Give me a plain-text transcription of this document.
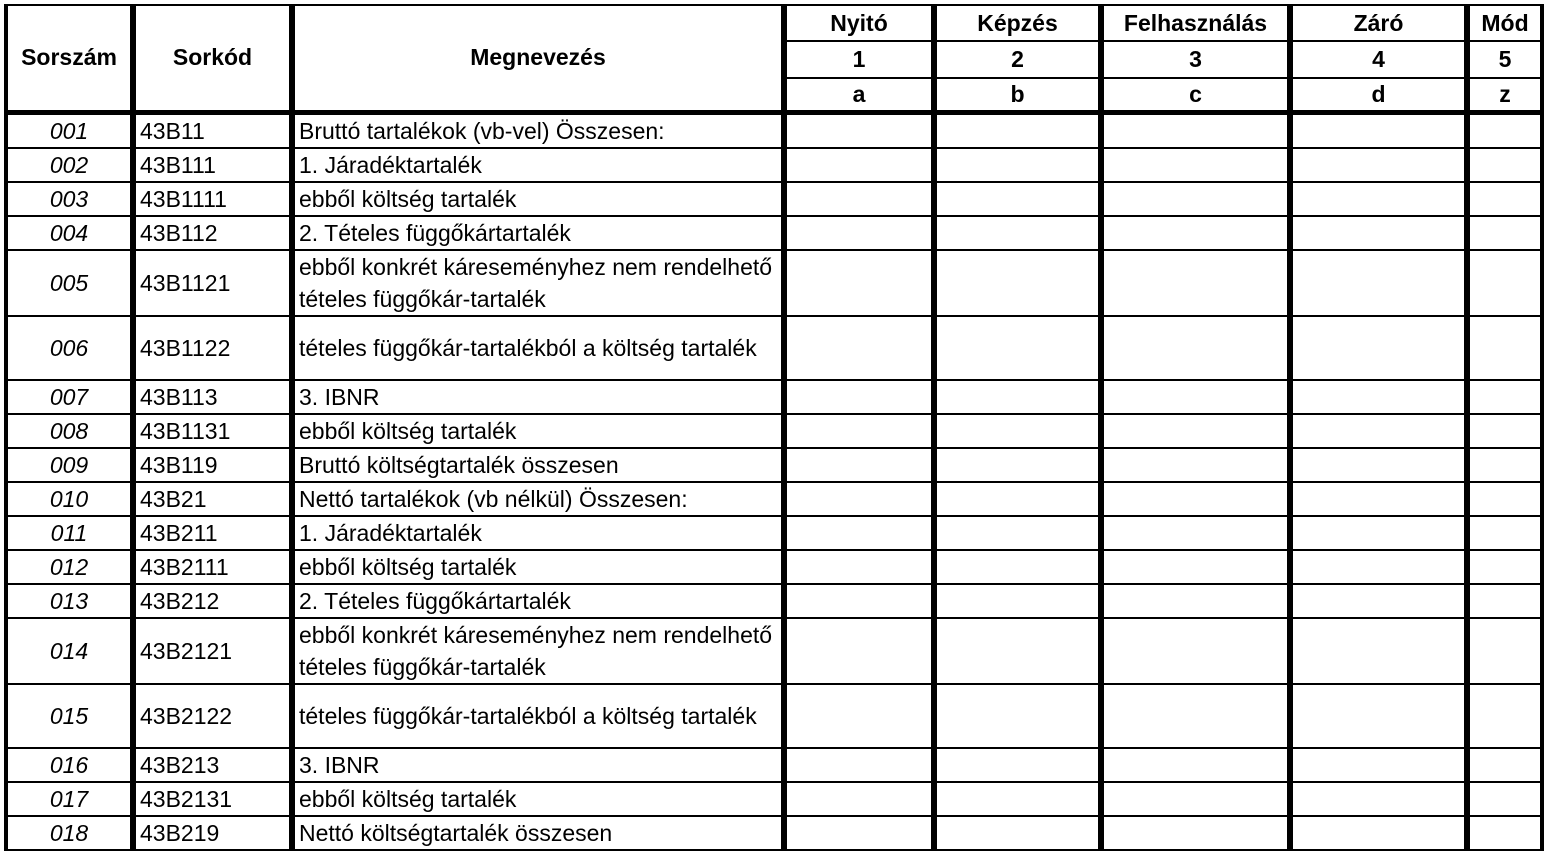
Sorszám	Sorkód	Megnevezés	Nyitó	Képzés	Felhasználás	Záró	Mód
			1	2	3	4	5
			a	b	c	d	z
001	43B11	Bruttó tartalékok (vb-vel) Összesen:					
002	43B111	1. Járadéktartalék					
003	43B1111	ebből költség tartalék					
004	43B112	2. Tételes függőkártartalék					
005	43B1121	ebből konkrét káreseményhez nem rendelhető tételes függőkár-tartalék					
006	43B1122	tételes függőkár-tartalékból a költség tartalék					
007	43B113	3. IBNR					
008	43B1131	ebből költség tartalék					
009	43B119	Bruttó költségtartalék összesen					
010	43B21	Nettó tartalékok (vb nélkül) Összesen:					
011	43B211	1. Járadéktartalék					
012	43B2111	ebből költség tartalék					
013	43B212	2. Tételes függőkártartalék					
014	43B2121	ebből konkrét káreseményhez nem rendelhető tételes függőkár-tartalék					
015	43B2122	tételes függőkár-tartalékból a költség tartalék					
016	43B213	3. IBNR					
017	43B2131	ebből költség tartalék					
018	43B219	Nettó költségtartalék összesen					
